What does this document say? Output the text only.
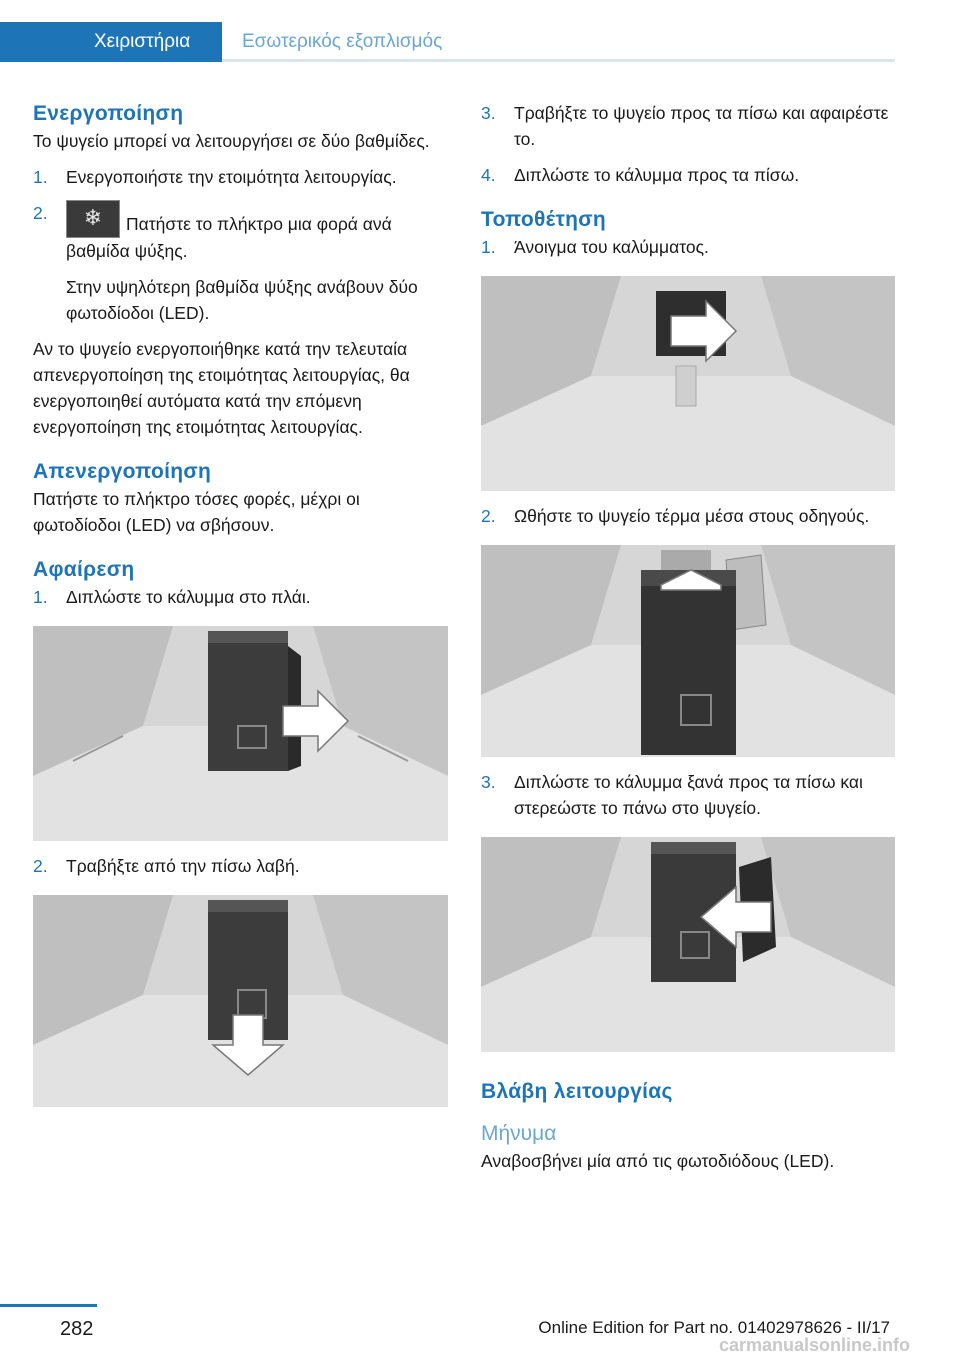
Χειριστήρια	Εσωτερικός εξοπλισμός
Ενεργοποίηση

Το ψυγείο μπορεί να λειτουργήσει σε δύο βαθμίδες.

1.	Ενεργοποιήστε την ετοιμότητα λειτουργίας.
2.	❄	Πατήστε το πλήκτρο μια φορά ανά βαθμίδα ψύξης.
Στην υψηλότερη βαθμίδα ψύξης ανάβουν δύο φωτοδίοδοι (LED).

Αν το ψυγείο ενεργοποιήθηκε κατά την τελευταία απενεργοποίηση της ετοιμότητας λειτουργίας, θα ενεργοποιηθεί αυτόματα κατά την επόμενη ενεργοποίηση της ετοιμότητας λειτουργίας.

Απενεργοποίηση

Πατήστε το πλήκτρο τόσες φορές, μέχρι οι φωτοδίοδοι (LED) να σβήσουν.

Αφαίρεση
1.	Διπλώστε το κάλυμμα στο πλάι.
2.	Τραβήξτε από την πίσω λαβή.
3.	Τραβήξτε το ψυγείο προς τα πίσω και αφαιρέστε το.
4.	Διπλώστε το κάλυμμα προς τα πίσω.
Τοποθέτηση
1.	Άνοιγμα του καλύμματος.
2.	Ωθήστε το ψυγείο τέρμα μέσα στους οδηγούς.
3.	Διπλώστε το κάλυμμα ξανά προς τα πίσω και στερεώστε το πάνω στο ψυγείο.
Βλάβη λειτουργίας
Μήνυμα

Αναβοσβήνει μία από τις φωτοδιόδους (LED).

282	Online Edition for Part no. 01402978626 - II/17
carmanualsonline.info
